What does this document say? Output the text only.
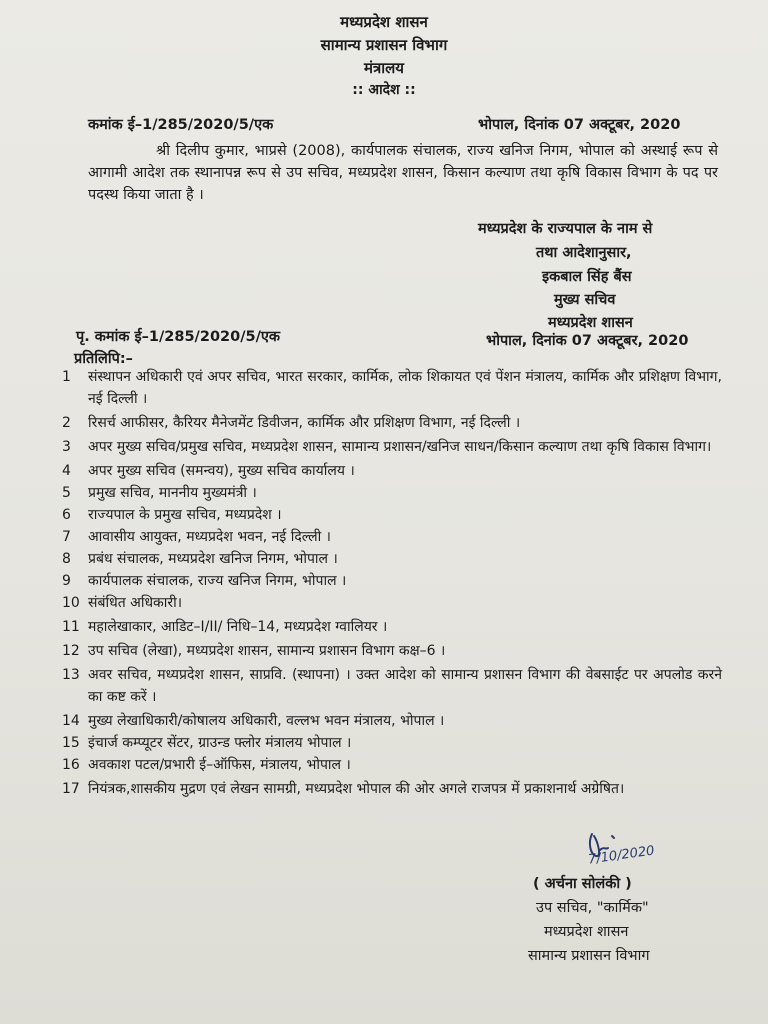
मध्यप्रदेश शासन
सामान्य प्रशासन विभाग
मंत्रालय
:: आदेश ::
कमांक ई–1/285/2020/5/एक	भोपाल, दिनांक 07 अक्टूबर, 2020
श्री दिलीप कुमार, भाप्रसे (2008), कार्यपालक संचालक, राज्य खनिज निगम, भोपाल को अस्थाई रूप से आगामी आदेश तक स्थानापन्न रूप से उप सचिव, मध्यप्रदेश शासन, किसान कल्याण तथा कृषि विकास विभाग के पद पर पदस्थ किया जाता है ।
मध्यप्रदेश के राज्यपाल के नाम से
तथा आदेशानुसार,
इकबाल सिंह बैंस
मुख्य सचिव
मध्यप्रदेश शासन
पृ. कमांक ई–1/285/2020/5/एक	भोपाल, दिनांक 07 अक्टूबर, 2020
प्रतिलिपि:–
1	संस्थापन अधिकारी एवं अपर सचिव, भारत सरकार, कार्मिक, लोक शिकायत एवं पेंशन मंत्रालय, कार्मिक और प्रशिक्षण विभाग, नई दिल्ली ।
2	रिसर्च आफीसर, कैरियर मैनेजमेंट डिवीजन, कार्मिक और प्रशिक्षण विभाग, नई दिल्ली ।
3	अपर मुख्य सचिव/प्रमुख सचिव, मध्यप्रदेश शासन, सामान्य प्रशासन/खनिज साधन/किसान कल्याण तथा कृषि विकास विभाग।
4	अपर मुख्य सचिव (समन्वय), मुख्य सचिव कार्यालय ।
5	प्रमुख सचिव, माननीय मुख्यमंत्री ।
6	राज्यपाल के प्रमुख सचिव, मध्यप्रदेश ।
7	आवासीय आयुक्त, मध्यप्रदेश भवन, नई दिल्ली ।
8	प्रबंध संचालक, मध्यप्रदेश खनिज निगम, भोपाल ।
9	कार्यपालक संचालक, राज्य खनिज निगम, भोपाल ।
10 संबंधित अधिकारी।
11 महालेखाकार, आडिट–I/II/ निधि–14, मध्यप्रदेश ग्वालियर ।
12 उप सचिव (लेखा), मध्यप्रदेश शासन, सामान्य प्रशासन विभाग कक्ष–6 ।
13 अवर सचिव, मध्यप्रदेश शासन, साप्रवि. (स्थापना) । उक्त आदेश को सामान्य प्रशासन विभाग की वेबसाईट पर अपलोड करने का कष्ट करें ।
14 मुख्य लेखाधिकारी/कोषालय अधिकारी, वल्लभ भवन मंत्रालय, भोपाल ।
15 इंचार्ज कम्प्यूटर सेंटर, ग्राउन्ड फ्लोर मंत्रालय भोपाल ।
16 अवकाश पटल/प्रभारी ई–ऑफिस, मंत्रालय, भोपाल ।
17 नियंत्रक,शासकीय मुद्रण एवं लेखन सामग्री, मध्यप्रदेश भोपाल की ओर अगले राजपत्र में प्रकाशनार्थ अग्रेषित।
7/10/2020
( अर्चना सोलंकी )
उप सचिव, "कार्मिक"
मध्यप्रदेश शासन
सामान्य प्रशासन विभाग
